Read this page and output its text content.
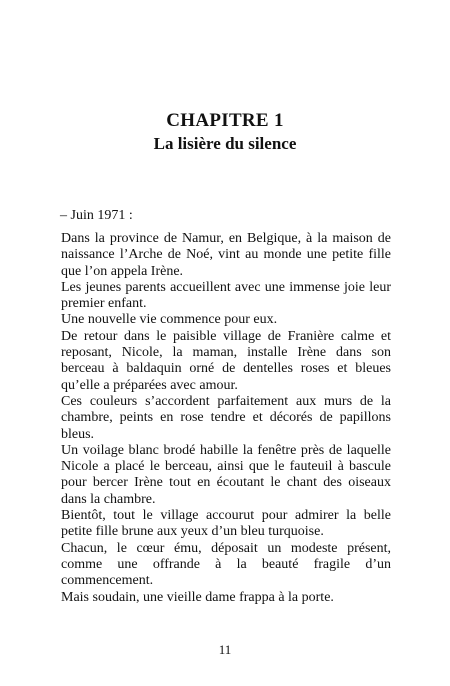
CHAPITRE 1
La lisière du silence
– Juin 1971 :

Dans la province de Namur, en Belgique, à la maison de naissance l’Arche de Noé, vint au monde une petite fille que l’on appela Irène.

Les jeunes parents accueillent avec une immense joie leur premier enfant.

Une nouvelle vie commence pour eux.

De retour dans le paisible village de Franière calme et reposant, Nicole, la maman, installe Irène dans son berceau à baldaquin orné de dentelles roses et bleues qu’elle a préparées avec amour.

Ces couleurs s’accordent parfaitement aux murs de la chambre, peints en rose tendre et décorés de papillons bleus.

Un voilage blanc brodé habille la fenêtre près de laquelle Nicole a placé le berceau, ainsi que le fauteuil à bascule pour bercer Irène tout en écoutant le chant des oiseaux dans la chambre.

Bientôt, tout le village accourut pour admirer la belle petite fille brune aux yeux d’un bleu turquoise.

Chacun, le cœur ému, déposait un modeste présent, comme une offrande à la beauté fragile d’un commencement.

Mais soudain, une vieille dame frappa à la porte.

11
